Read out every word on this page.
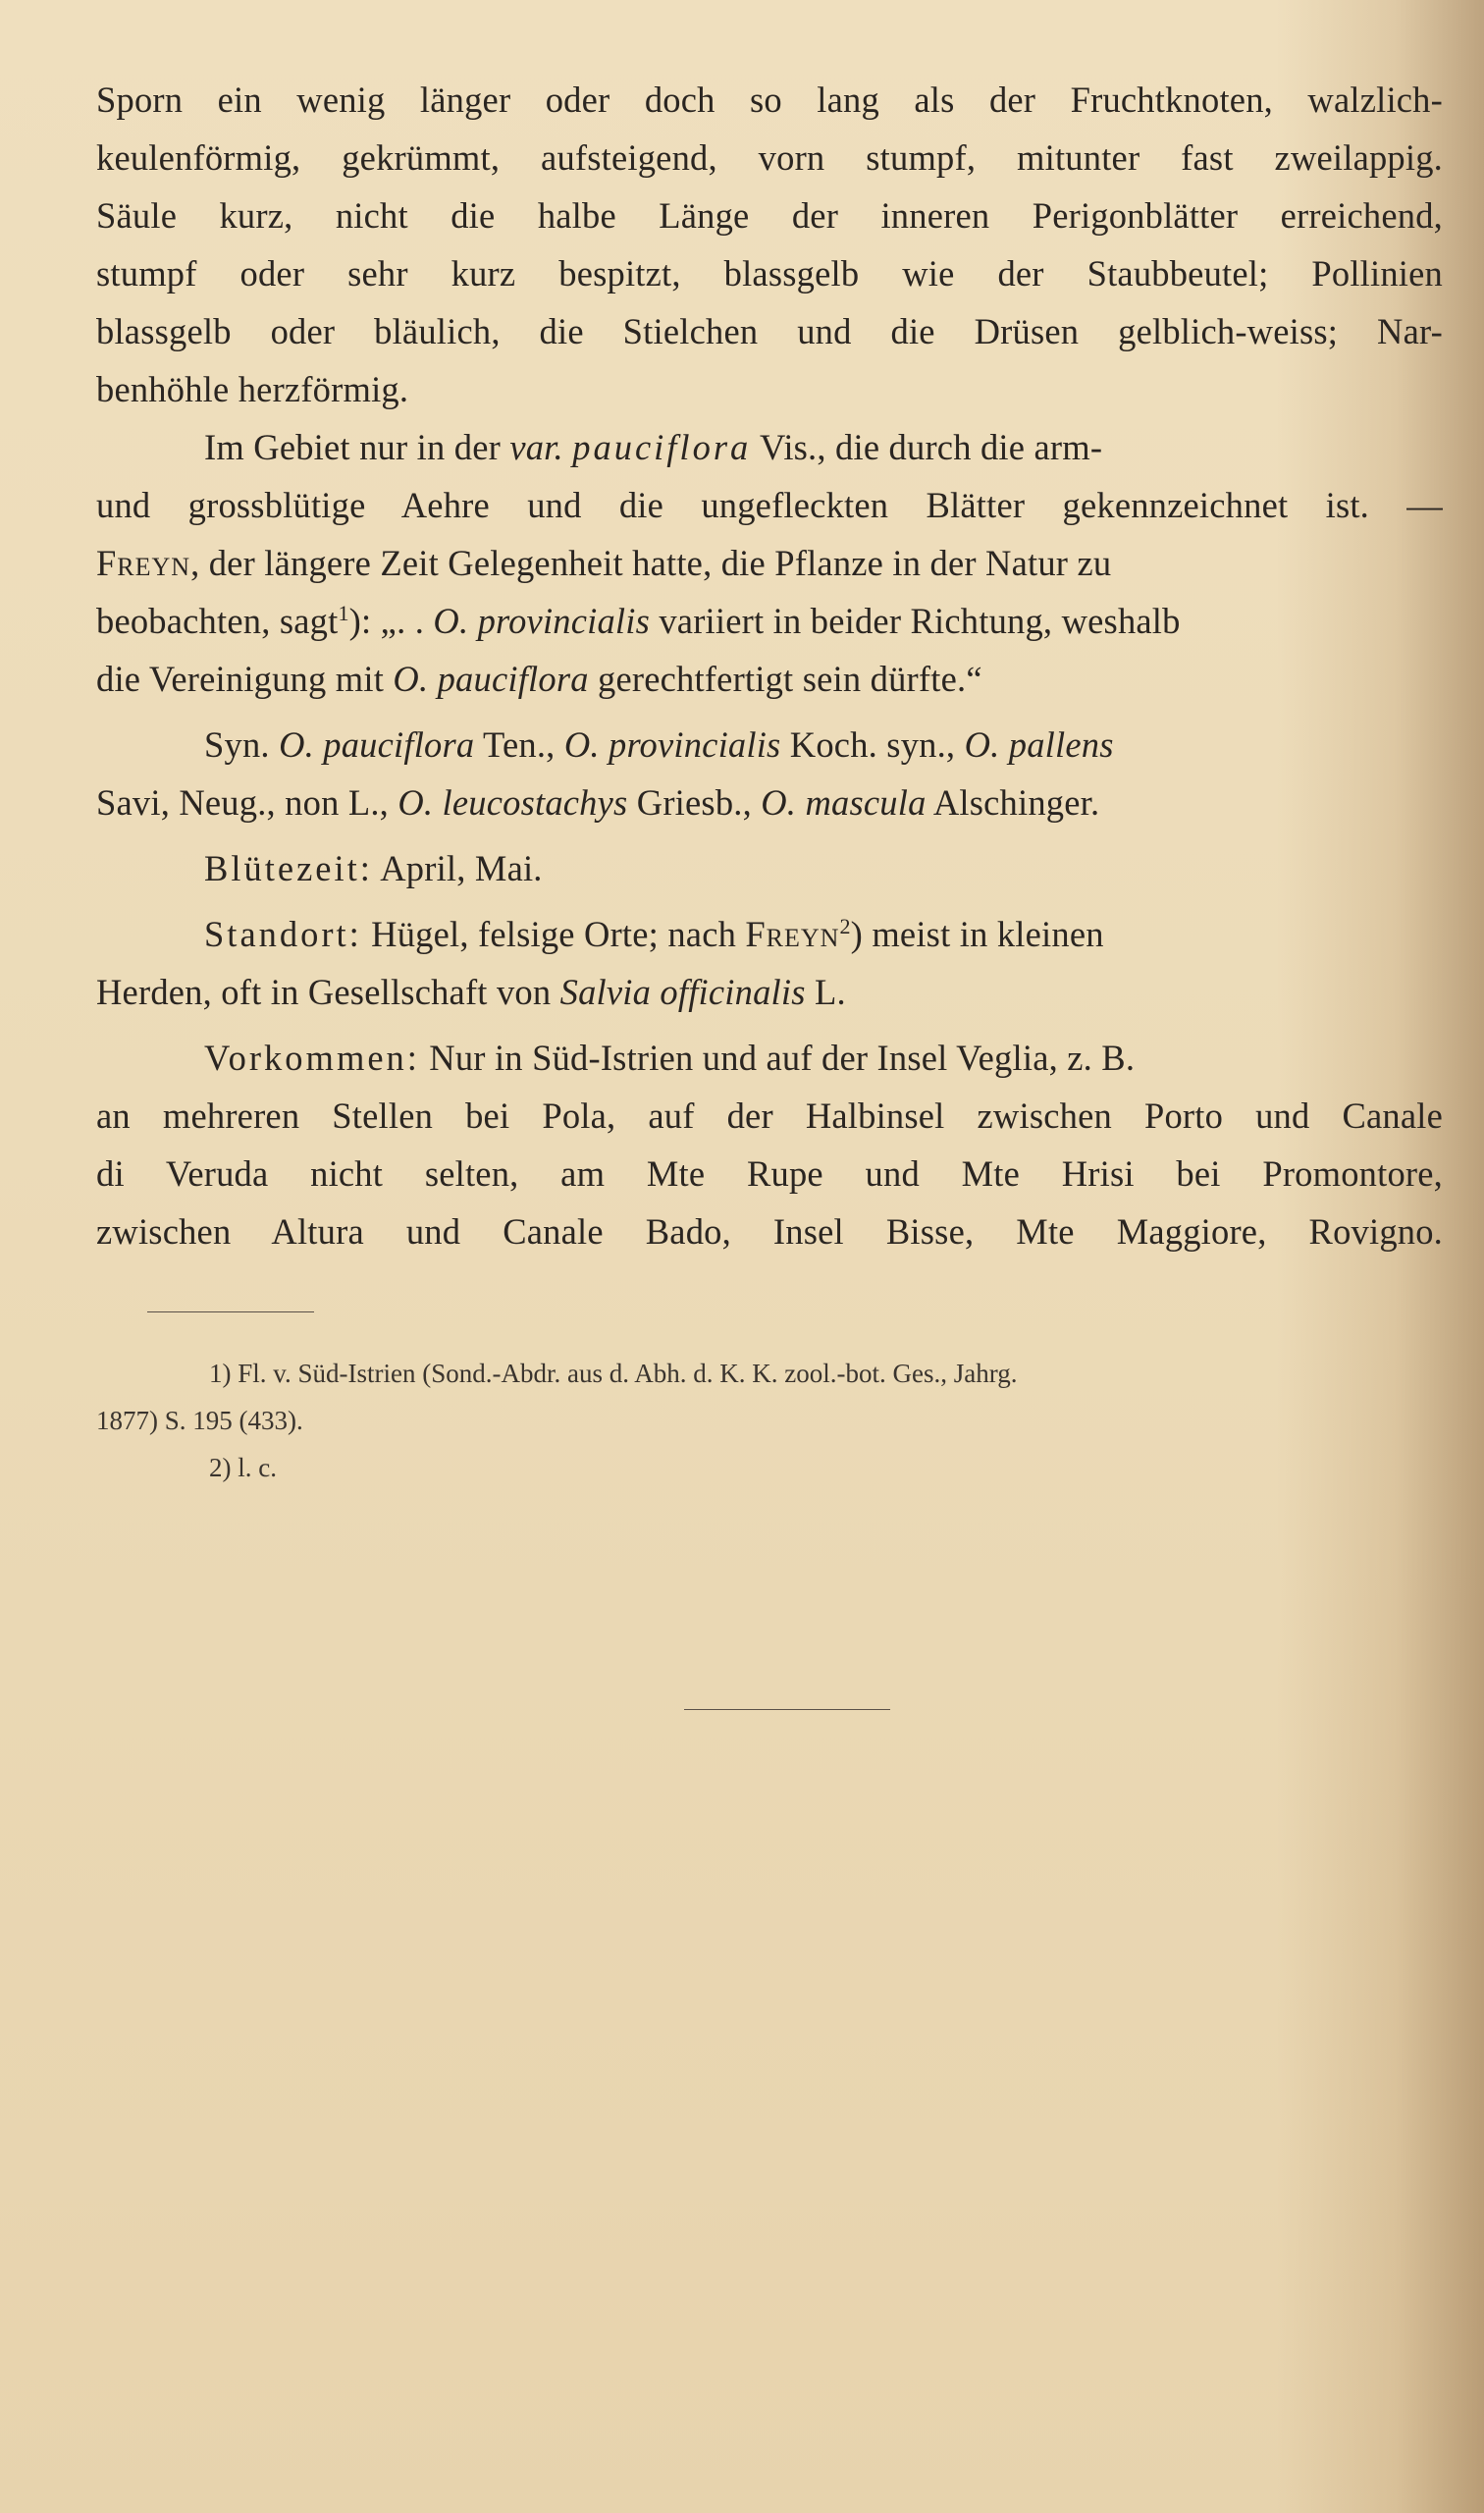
Sporn ein wenig länger oder doch so lang als der Fruchtknoten, walzlich-
keulenförmig, gekrümmt, aufsteigend, vorn stumpf, mitunter fast zweilappig.
Säule kurz, nicht die halbe Länge der inneren Perigonblätter erreichend,
stumpf oder sehr kurz bespitzt, blassgelb wie der Staubbeutel; Pollinien
blassgelb oder bläulich, die Stielchen und die Drüsen gelblich-weiss; Nar-
benhöhle herzförmig.
Im Gebiet nur in der var. pauciflora Vis., die durch die arm-
und grossblütige Aehre und die ungefleckten Blätter gekennzeichnet ist. —
Freyn, der längere Zeit Gelegenheit hatte, die Pflanze in der Natur zu
beobachten, sagt$^1$): „. . O. provincialis variiert in beider Richtung, weshalb
die Vereinigung mit O. pauciflora gerechtfertigt sein dürfte.“
Syn. O. pauciflora Ten., O. provincialis Koch. syn., O. pallens
Savi, Neug., non L., O. leucostachys Griesb., O. mascula Alschinger.
Blütezeit: April, Mai.
Standort: Hügel, felsige Orte; nach Freyn$^2$) meist in kleinen
Herden, oft in Gesellschaft von Salvia officinalis L.
Vorkommen: Nur in Süd-Istrien und auf der Insel Veglia, z. B.
an mehreren Stellen bei Pola, auf der Halbinsel zwischen Porto und Canale
di Veruda nicht selten, am Mte Rupe und Mte Hrisi bei Promontore,
zwischen Altura und Canale Bado, Insel Bisse, Mte Maggiore, Rovigno.
1) Fl. v. Süd-Istrien (Sond.-Abdr. aus d. Abh. d. K. K. zool.-bot. Ges., Jahrg.
1877) S. 195 (433).
2) l. c.
